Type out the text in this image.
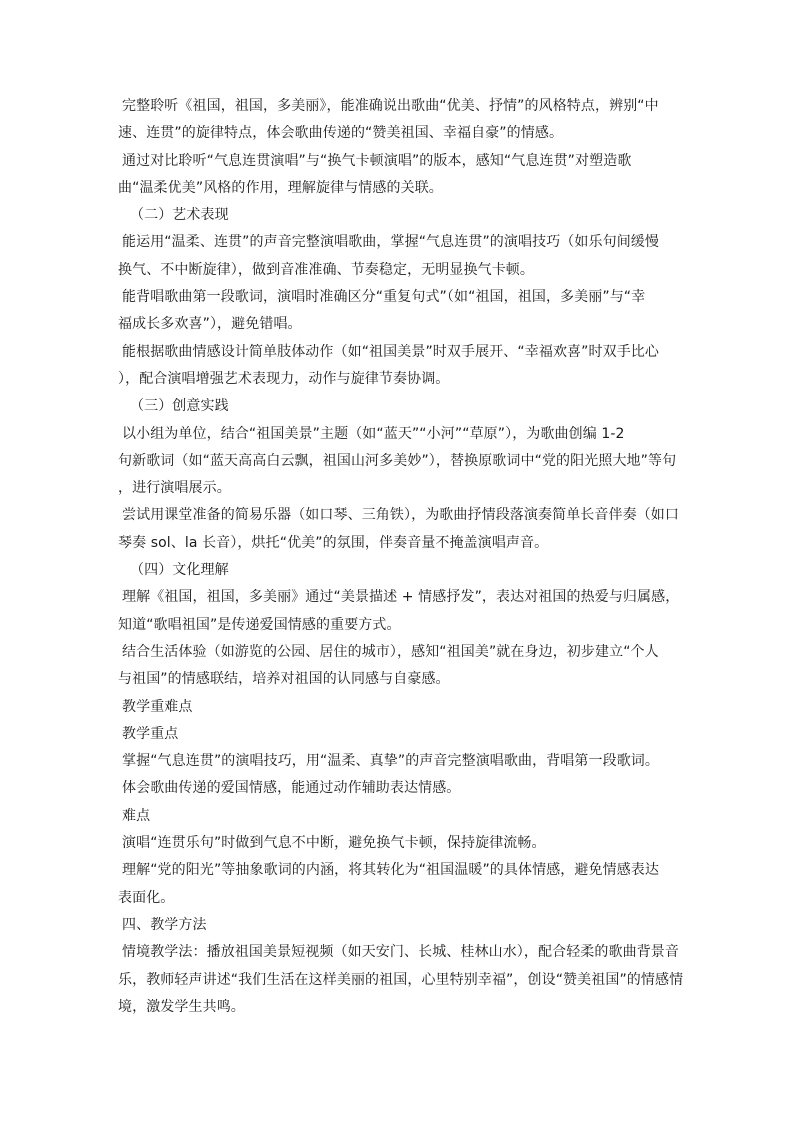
完整聆听《祖国，祖国，多美丽》，能准确说出歌曲“优美、抒情”的风格特点，辨别“中
速、连贯”的旋律特点，体会歌曲传递的“赞美祖国、幸福自豪”的情感。
通过对比聆听“气息连贯演唱”与“换气卡顿演唱”的版本，感知“气息连贯”对塑造歌
曲“温柔优美”风格的作用，理解旋律与情感的关联。
（二）艺术表现
能运用“温柔、连贯”的声音完整演唱歌曲，掌握“气息连贯”的演唱技巧（如乐句间缓慢
换气、不中断旋律），做到音准准确、节奏稳定，无明显换气卡顿。
能背唱歌曲第一段歌词，演唱时准确区分“重复句式”（如“祖国，祖国，多美丽”与“幸
福成长多欢喜”），避免错唱。
能根据歌曲情感设计简单肢体动作（如“祖国美景”时双手展开、“幸福欢喜”时双手比心
），配合演唱增强艺术表现力，动作与旋律节奏协调。
（三）创意实践
以小组为单位，结合“祖国美景”主题（如“蓝天”“小河”“草原”），为歌曲创编 1-2
句新歌词（如“蓝天高高白云飘，祖国山河多美妙”），替换原歌词中“党的阳光照大地”等句
，进行演唱展示。
尝试用课堂准备的简易乐器（如口琴、三角铁），为歌曲抒情段落演奏简单长音伴奏（如口
琴奏 sol、la 长音），烘托“优美”的氛围，伴奏音量不掩盖演唱声音。
（四）文化理解
理解《祖国，祖国，多美丽》通过“美景描述 + 情感抒发”，表达对祖国的热爱与归属感，
知道“歌唱祖国”是传递爱国情感的重要方式。
结合生活体验（如游览的公园、居住的城市），感知“祖国美”就在身边，初步建立“个人
与祖国”的情感联结，培养对祖国的认同感与自豪感。
教学重难点
教学重点
掌握“气息连贯”的演唱技巧，用“温柔、真挚”的声音完整演唱歌曲，背唱第一段歌词。
体会歌曲传递的爱国情感，能通过动作辅助表达情感。
难点
演唱“连贯乐句”时做到气息不中断，避免换气卡顿，保持旋律流畅。
理解“党的阳光”等抽象歌词的内涵，将其转化为“祖国温暖”的具体情感，避免情感表达
表面化。
四、教学方法
情境教学法：播放祖国美景短视频（如天安门、长城、桂林山水），配合轻柔的歌曲背景音
乐，教师轻声讲述“我们生活在这样美丽的祖国，心里特别幸福”，创设“赞美祖国”的情感情
境，激发学生共鸣。
